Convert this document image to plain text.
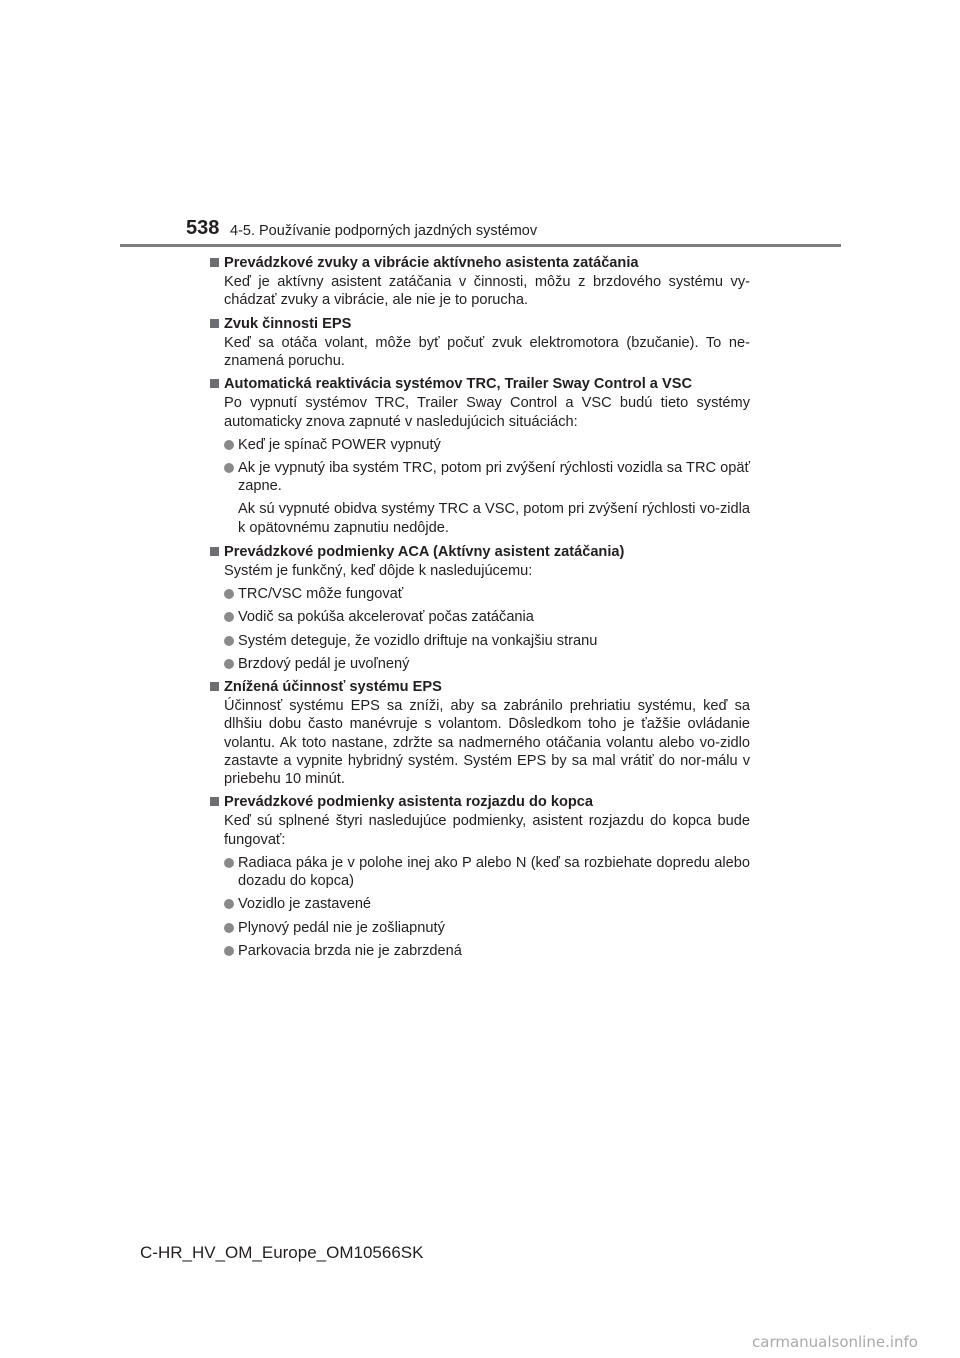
538 4-5. Používanie podporných jazdných systémov
Prevádzkové zvuky a vibrácie aktívneho asistenta zatáčania
Keď je aktívny asistent zatáčania v činnosti, môžu z brzdového systému vy-chádzať zvuky a vibrácie, ale nie je to porucha.
Zvuk činnosti EPS
Keď sa otáča volant, môže byť počuť zvuk elektromotora (bzučanie). To ne-znamená poruchu.
Automatická reaktivácia systémov TRC, Trailer Sway Control a VSC
Po vypnutí systémov TRC, Trailer Sway Control a VSC budú tieto systémy automaticky znova zapnuté v nasledujúcich situáciách:
Keď je spínač POWER vypnutý
Ak je vypnutý iba systém TRC, potom pri zvýšení rýchlosti vozidla sa TRC opäť zapne.
Ak sú vypnuté obidva systémy TRC a VSC, potom pri zvýšení rýchlosti vo-zidla k opätovnému zapnutiu nedôjde.
Prevádzkové podmienky ACA (Aktívny asistent zatáčania)
Systém je funkčný, keď dôjde k nasledujúcemu:
TRC/VSC môže fungovať
Vodič sa pokúša akcelerovať počas zatáčania
Systém deteguje, že vozidlo driftuje na vonkajšiu stranu
Brzdový pedál je uvoľnený
Znížená účinnosť systému EPS
Účinnosť systému EPS sa zníži, aby sa zabránilo prehriatiu systému, keď sa dlhšiu dobu často manévruje s volantom. Dôsledkom toho je ťažšie ovládanie volantu. Ak toto nastane, zdržte sa nadmerného otáčania volantu alebo vo-zidlo zastavte a vypnite hybridný systém. Systém EPS by sa mal vrátiť do nor-málu v priebehu 10 minút.
Prevádzkové podmienky asistenta rozjazdu do kopca
Keď sú splnené štyri nasledujúce podmienky, asistent rozjazdu do kopca bude fungovať:
Radiaca páka je v polohe inej ako P alebo N (keď sa rozbiehate dopredu alebo dozadu do kopca)
Vozidlo je zastavené
Plynový pedál nie je zošliapnutý
Parkovacia brzda nie je zabrzdená
C-HR_HV_OM_Europe_OM10566SK
carmanualsonline.info
